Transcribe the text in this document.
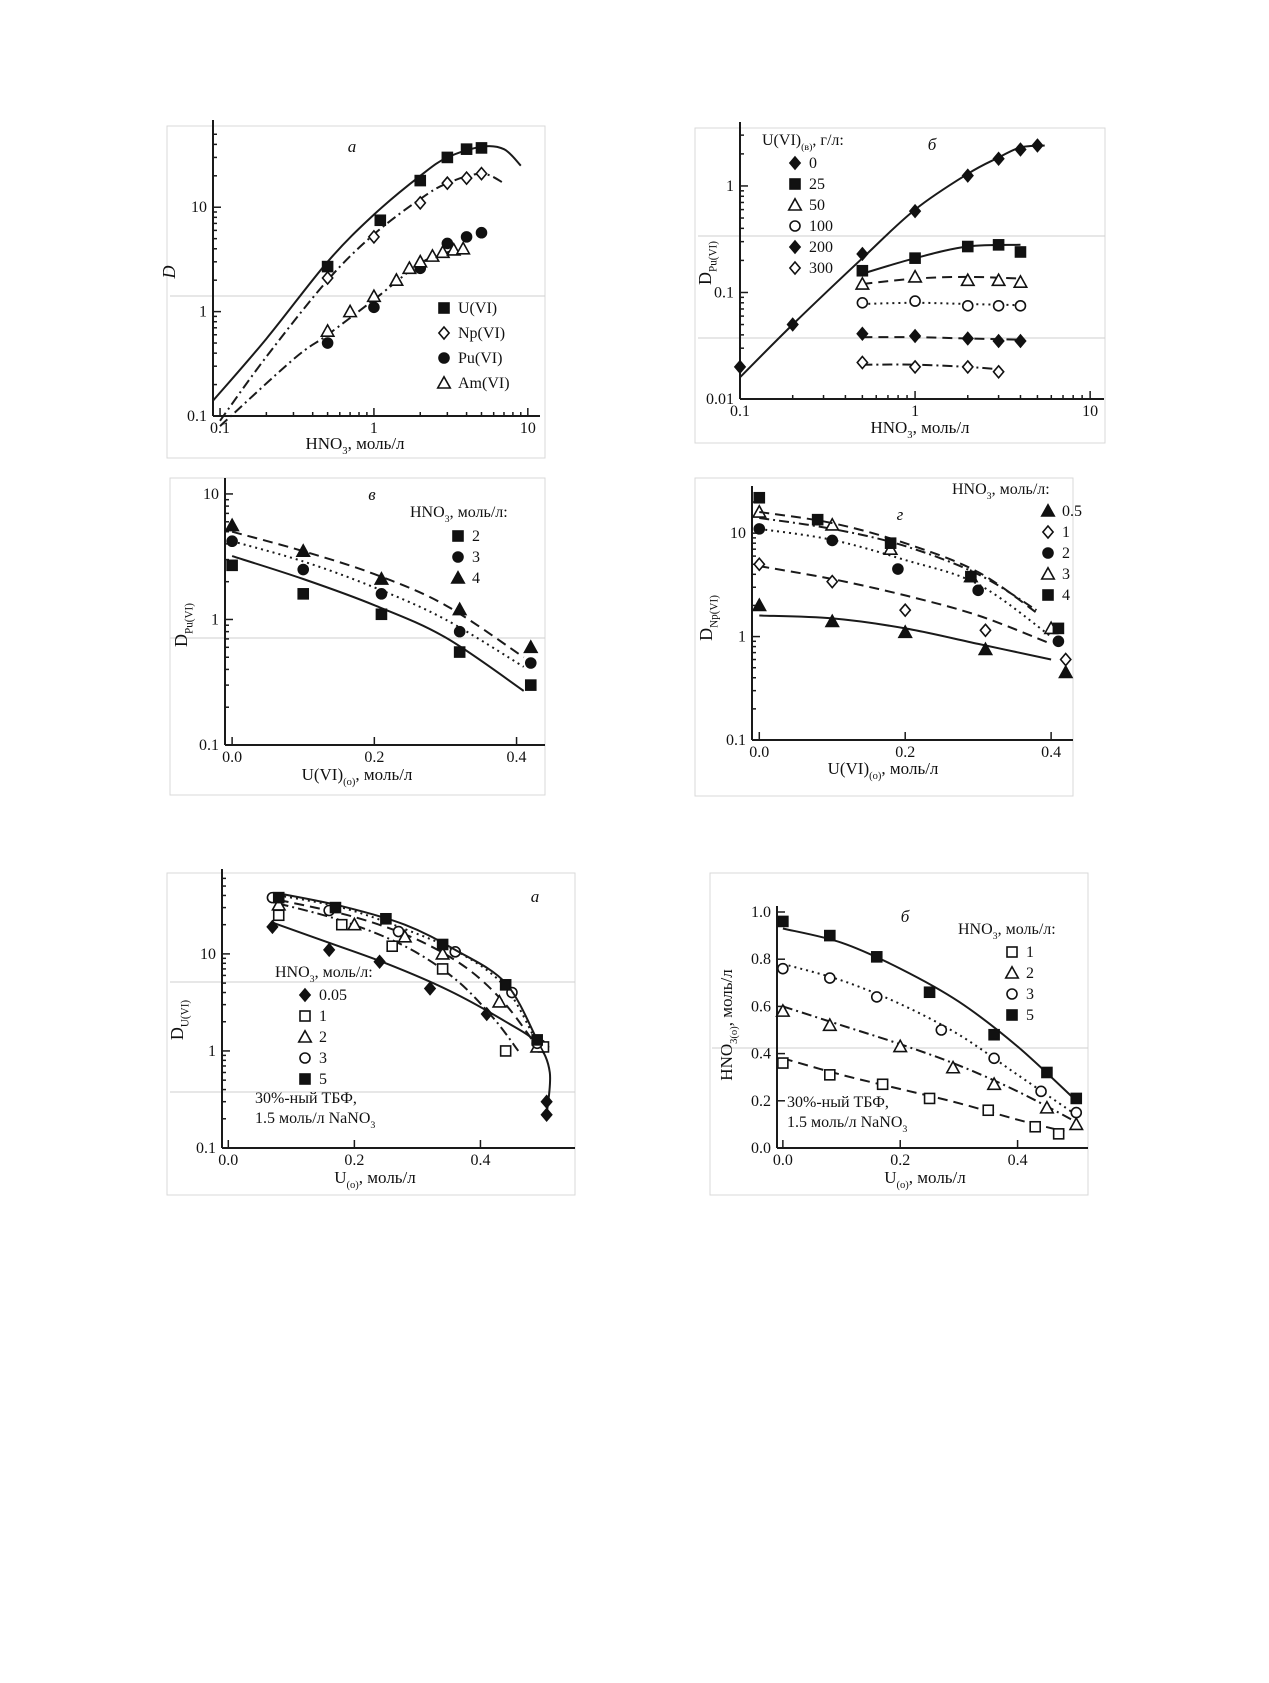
0.1	1	10
0.1
1
10
а
$HNO_3$, моль/л
D
U(VI)
Np(VI)
Pu(VI)
Am(VI)
0.1	1	10
0.01
0.1
1
б
$HNO_3$, моль/л
$D_{Pu(VI)}$
$U(VI)_{(в)}$, г/л:
0
25
50
100
200
300
0.0	0.2	0.4
0.1
1
10	в
$U(VI)_{(о)}$, моль/л
$D_{Pu(VI)}$
$HNO_3$, моль/л:
2
3
4
0.0	0.2	0.4
0.1
1
10
г
$U(VI)_{(о)}$, моль/л
$D_{Np(VI)}$
$HNO_3$, моль/л:
0.5
1
2
3
4
0.0	0.2	0.4
0.1
1
10
а
$U_{(о)}$, моль/л
$D_{U(VI)}$
$HNO_3$, моль/л:
30%-ный ТБФ,
1.5 моль/л NaNO$_3$
0.05
1
2
3
5
0.0	0.2	0.4
0.0
0.2
0.4
0.6
0.8
1.0	б
$U_{(о)}$, моль/л
$HNO_{3(о)}$, моль/л
$HNO_3$, моль/л:
30%-ный ТБФ,
1.5 моль/л NaNO$_3$
1
2
3
5
